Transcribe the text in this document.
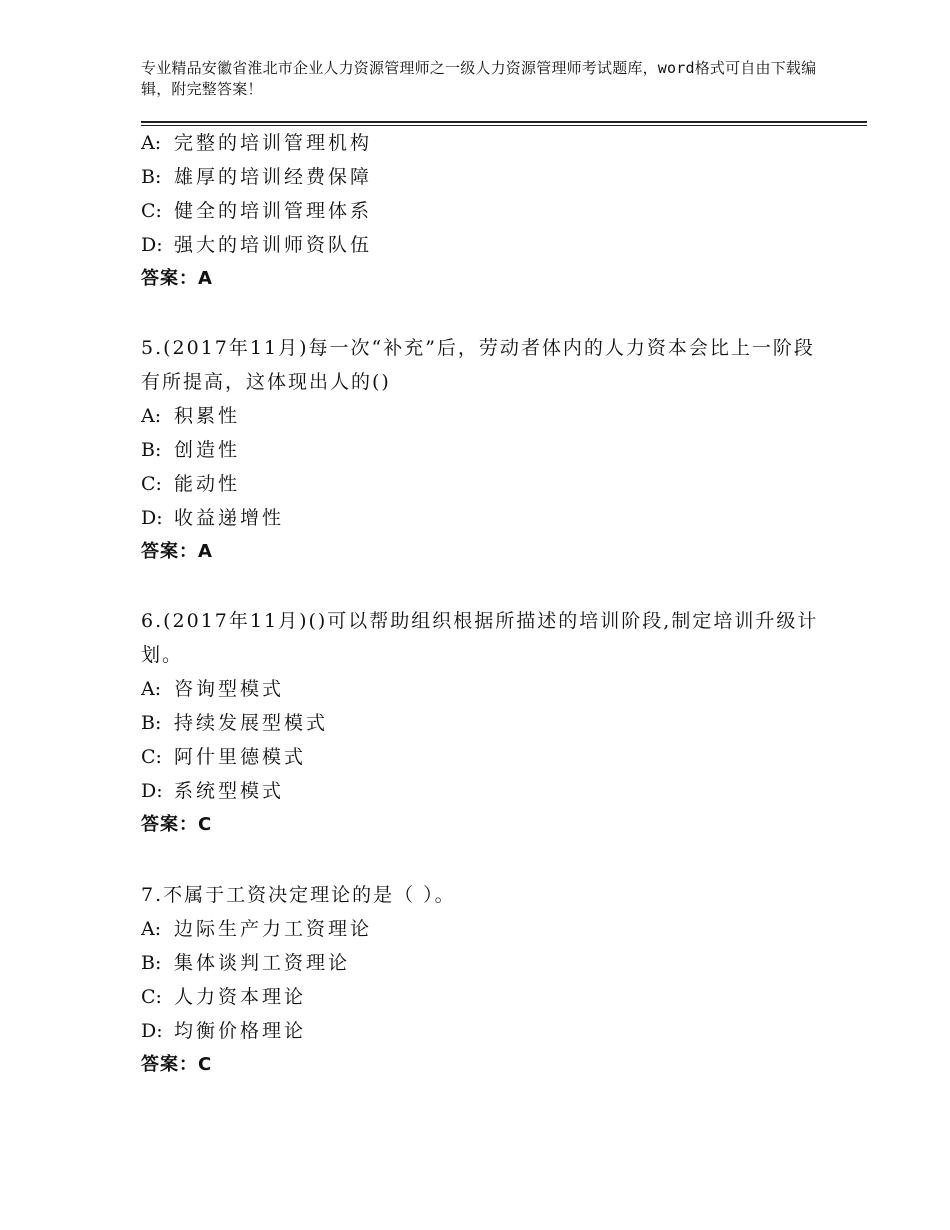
专业精品安徽省淮北市企业人力资源管理师之一级人力资源管理师考试题库，word格式可自由下载编辑，附完整答案！

A: 完整的培训管理机构

B: 雄厚的培训经费保障

C: 健全的培训管理体系

D: 强大的培训师资队伍

答案：A

5.(2017年11月)每一次“补充”后，劳动者体内的人力资本会比上一阶段有所提高，这体现出人的()

A: 积累性

B: 创造性

C: 能动性

D: 收益递增性

答案：A

6.(2017年11月)()可以帮助组织根据所描述的培训阶段,制定培训升级计划。

A: 咨询型模式

B: 持续发展型模式

C: 阿什里德模式

D: 系统型模式

答案：C

7.不属于工资决定理论的是（ ）。

A: 边际生产力工资理论

B: 集体谈判工资理论

C: 人力资本理论

D: 均衡价格理论

答案：C
